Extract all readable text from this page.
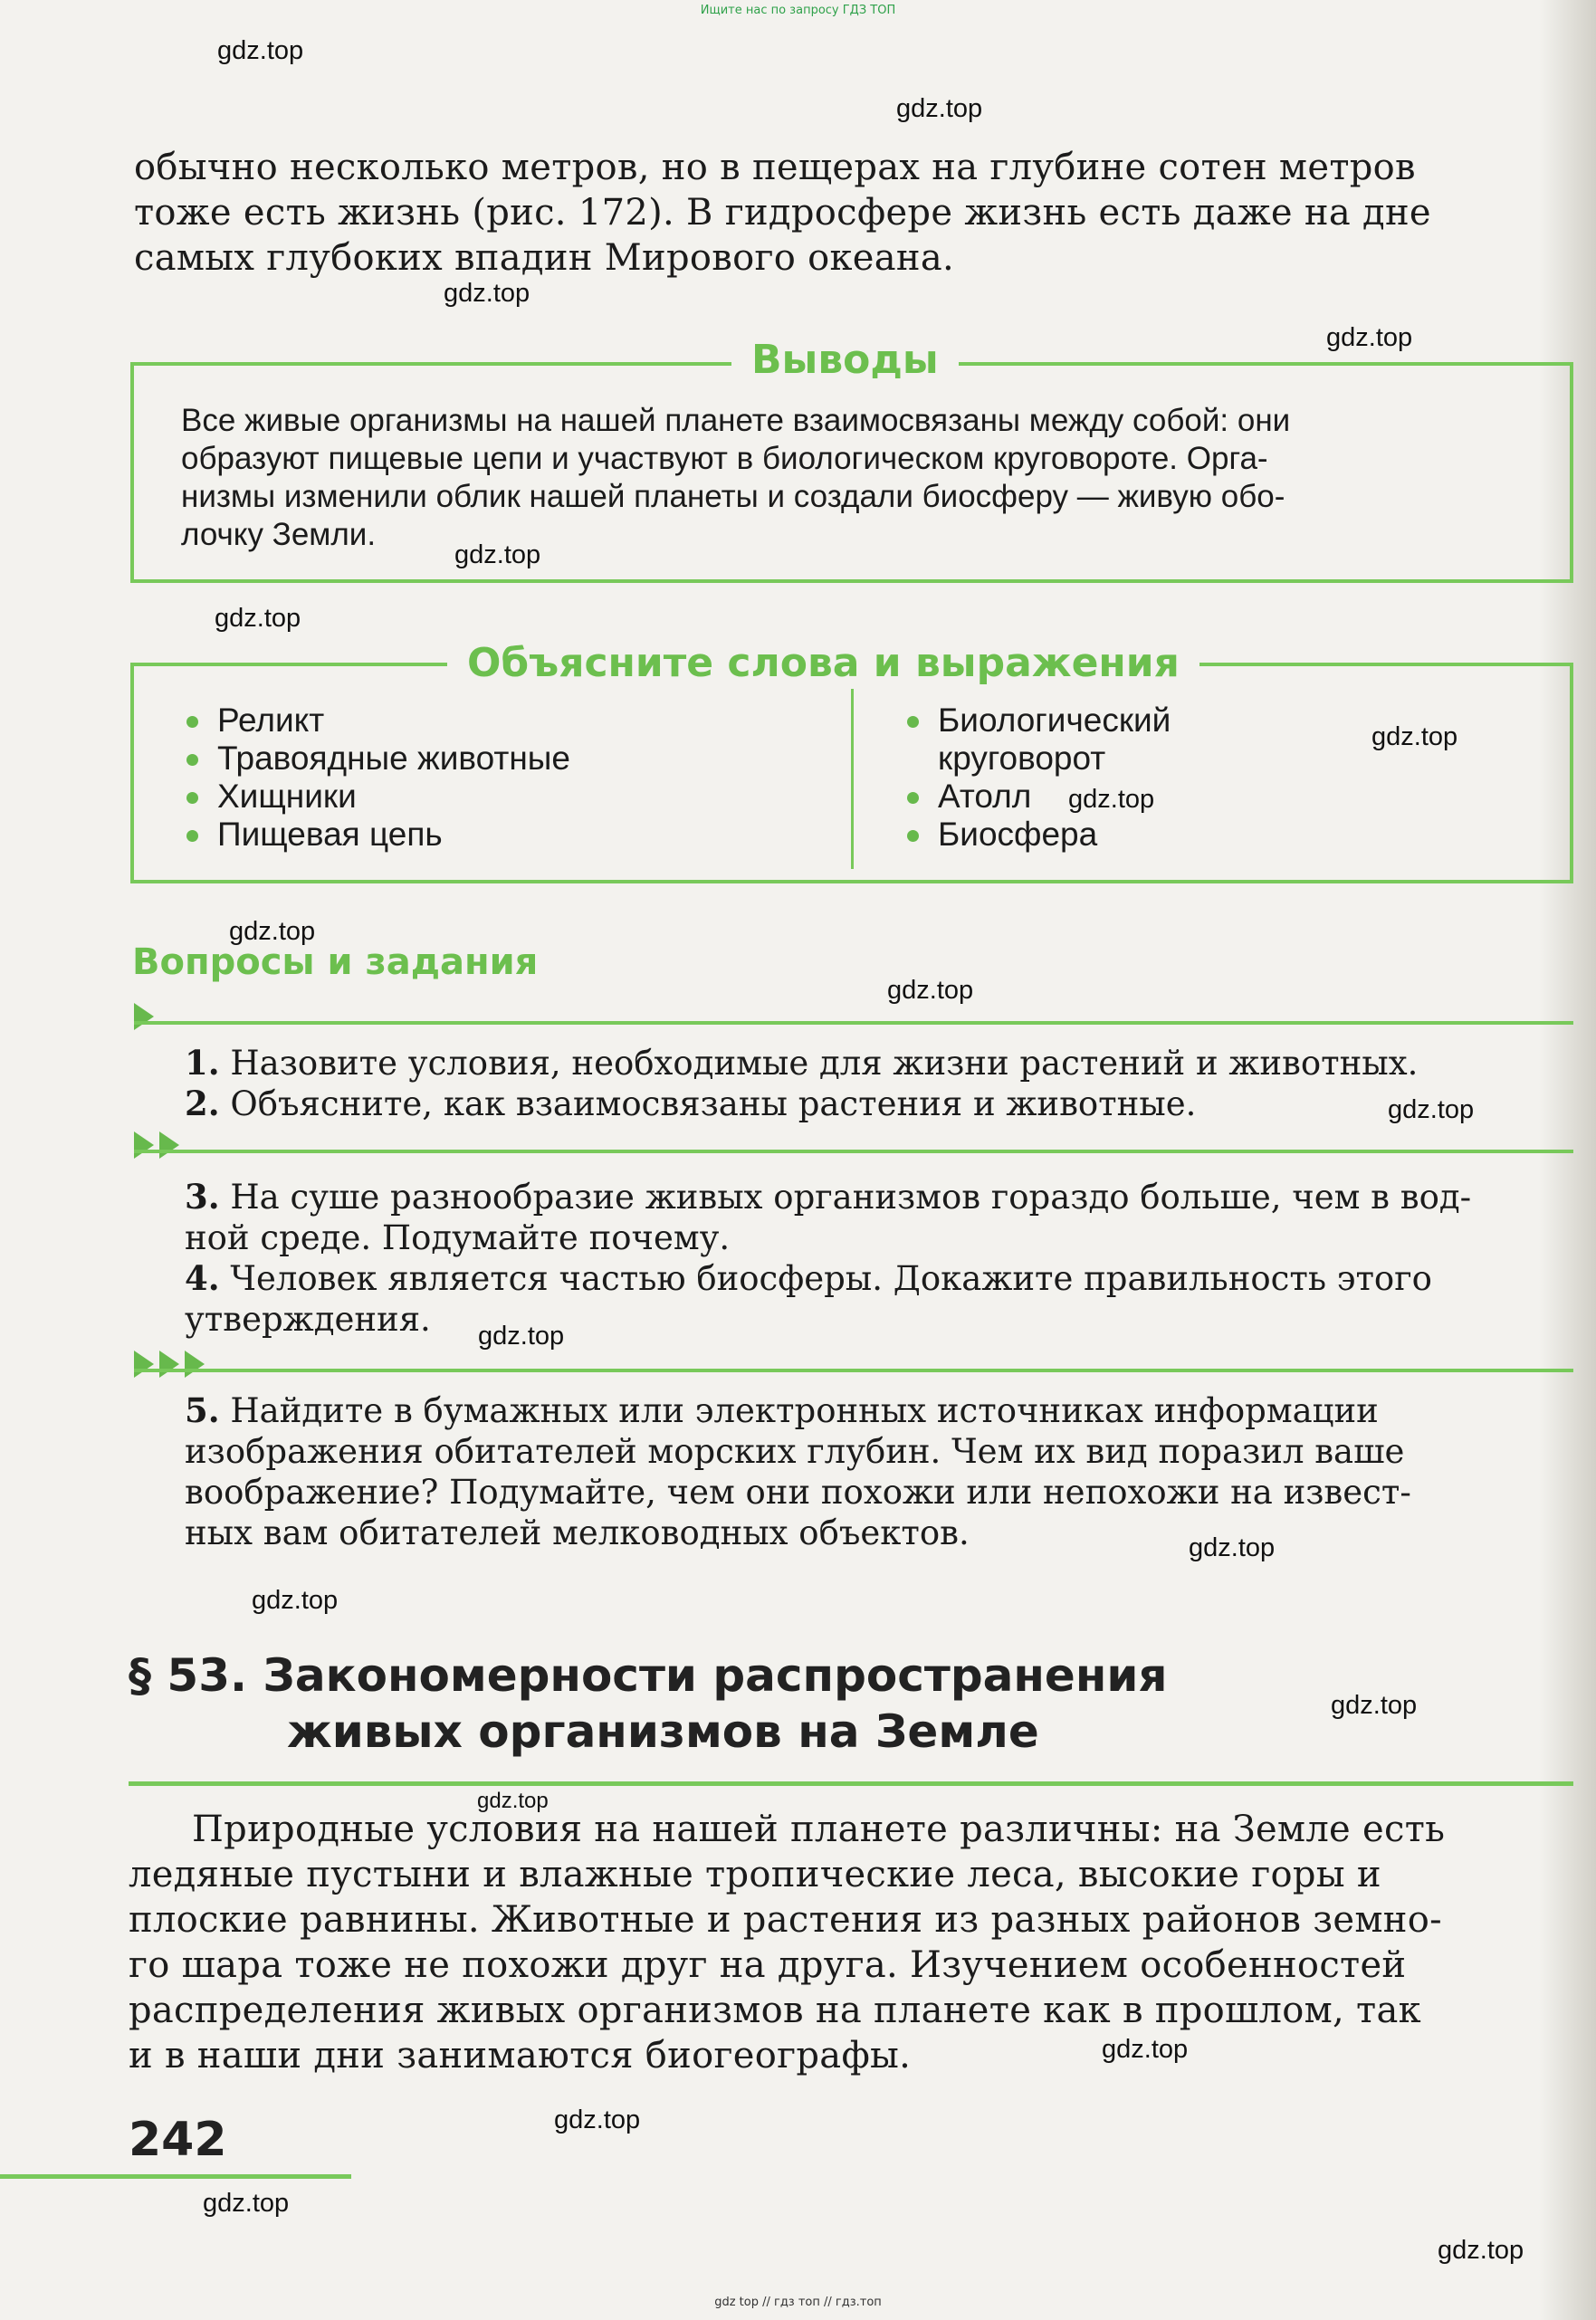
Ищите нас по запросу ГДЗ ТОП
gdz top // гдз топ // гдз.топ
обычно несколько метров, но в пещерах на глубине сотен метров
тоже есть жизнь (рис. 172). В гидросфере жизнь есть даже на дне
самых глубоких впадин Мирового океана.
Выводы
Все живые организмы на нашей планете взаимосвязаны между собой: они
образуют пищевые цепи и участвуют в биологическом круговороте. Орга-
низмы изменили облик нашей планеты и создали биосферу — живую обо-
лочку Земли.
Объясните слова и выражения
Реликт
Травоядные животные
Хищники
Пищевая цепь
Биологический
круговорот
Атолл
Биосфера
Вопросы и задания
1. Назовите условия, необходимые для жизни растений и животных.
2. Объясните, как взаимосвязаны растения и животные.
3. На суше разнообразие живых организмов гораздо больше, чем в вод-
ной среде. Подумайте почему.
4. Человек является частью биосферы. Докажите правильность этого
утверждения.
5. Найдите в бумажных или электронных источниках информации
изображения обитателей морских глубин. Чем их вид поразил ваше
воображение? Подумайте, чем они похожи или непохожи на извест-
ных вам обитателей мелководных объектов.
§ 53. Закономерности распространения
живых организмов на Земле
Природные условия на нашей планете различны: на Земле есть
ледяные пустыни и влажные тропические леса, высокие горы и
плоские равнины. Животные и растения из разных районов земно-
го шара тоже не похожи друг на друга. Изучением особенностей
распределения живых организмов на планете как в прошлом, так
и в наши дни занимаются биогеографы.
242
gdz.top
gdz.top
gdz.top
gdz.top
gdz.top
gdz.top
gdz.top
gdz.top
gdz.top
gdz.top
gdz.top
gdz.top
gdz.top
gdz.top
gdz.top
gdz.top
gdz.top
gdz.top
gdz.top
gdz.top
